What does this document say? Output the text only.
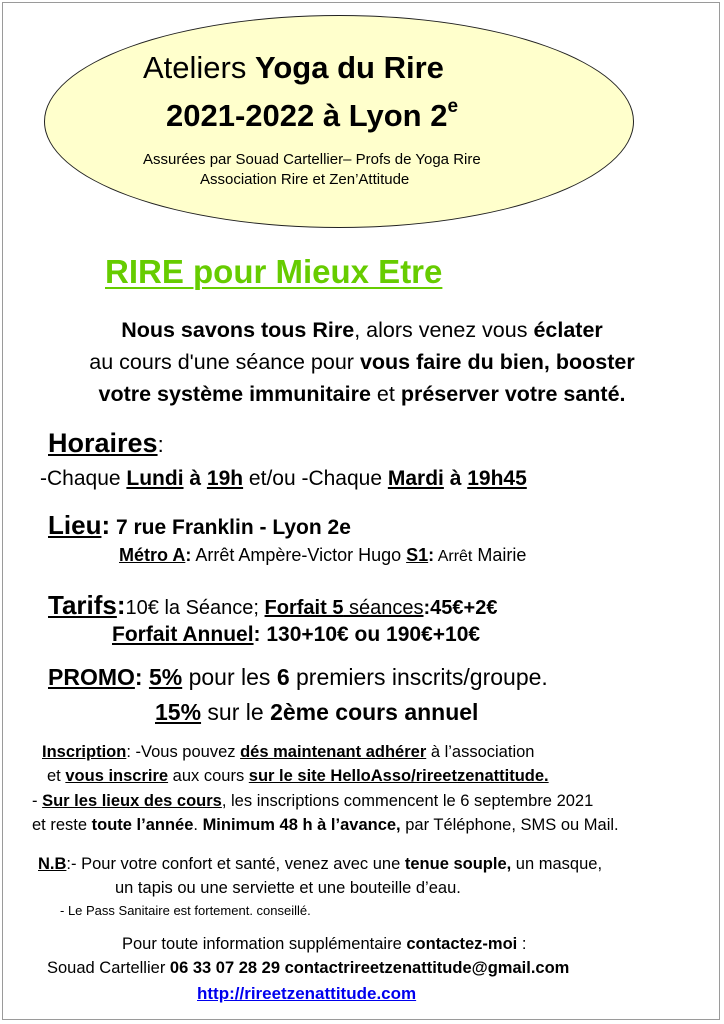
Ateliers Yoga du Rire
2021-2022 à Lyon 2e
Assurées par Souad Cartellier– Profs de Yoga Rire
Association Rire et Zen’Attitude
RIRE pour Mieux Etre
Nous savons tous Rire, alors venez vous éclater
au cours d'une séance pour vous faire du bien, booster
votre système immunitaire et préserver votre santé.
Horaires:
-Chaque Lundi à 19h et/ou -Chaque Mardi à 19h45
Lieu: 7 rue Franklin - Lyon 2e
Métro A: Arrêt Ampère-Victor Hugo S1: Arrêt Mairie
Tarifs:10€ la Séance; Forfait 5 séances:45€+2€
Forfait Annuel: 130+10€ ou 190€+10€
PROMO: 5% pour les 6 premiers inscrits/groupe.
15% sur le 2ème cours annuel
Inscription: -Vous pouvez dés maintenant adhérer à l’association
et vous inscrire aux cours sur le site HelloAsso/rireetzenattitude.
- Sur les lieux des cours, les inscriptions commencent le 6 septembre 2021
et reste toute l’année. Minimum 48 h à l’avance, par Téléphone, SMS ou Mail.
N.B:- Pour votre confort et santé, venez avec une tenue souple, un masque,
un tapis ou une serviette et une bouteille d’eau.
- Le Pass Sanitaire est fortement. conseillé.
Pour toute information supplémentaire contactez-moi :
Souad Cartellier 06 33 07 28 29 contactrireetzenattitude@gmail.com
http://rireetzenattitude.com
